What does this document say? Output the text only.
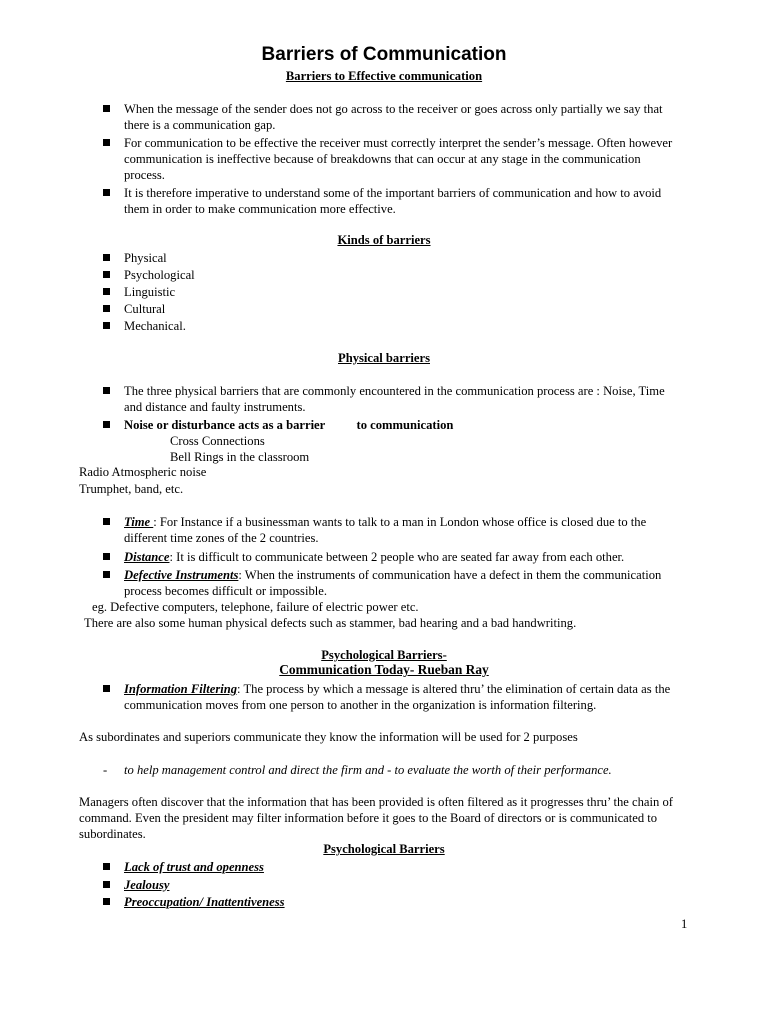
Barriers of Communication
Barriers to Effective communication
When the message of the sender does not go across to the receiver or goes across only partially we say that there is a communication gap.
For communication to be effective the receiver must correctly interpret the sender’s message. Often however communication is ineffective because of breakdowns that can occur at any stage in the communication process.
It is therefore imperative to understand some of the important barriers of communication and how to avoid them in order to make communication more effective.
Kinds of barriers
Physical
Psychological
Linguistic
Cultural
Mechanical.
Physical barriers
The three physical barriers that are commonly encountered in the communication process are : Noise, Time and distance and faulty instruments.
Noise or disturbance acts as a barrier          to communication
Cross Connections
Bell Rings in the classroom
Radio Atmospheric noise
Trumphet, band, etc.
Time : For Instance if a businessman wants to talk to a man in London whose office is closed due to the different time zones of the 2 countries.
Distance: It is difficult to communicate between 2 people who are seated far away from each other.
Defective Instruments: When the instruments of communication have a defect in them the communication process becomes difficult or impossible.
eg. Defective computers, telephone, failure of electric power etc.
There are also some human physical defects such as stammer, bad hearing and a bad handwriting.
Psychological Barriers-
Communication Today- Rueban Ray
Information Filtering: The process by which a message is altered thru’ the elimination of certain data as the communication moves from one person to another in the organization is information filtering.
As subordinates and superiors communicate they know the information will be used for 2 purposes
- to help management control and direct the firm and - to evaluate the worth of their performance.
Managers often discover that the information that has been provided is often filtered as it progresses thru’ the chain of command. Even the president may filter information before it goes to the Board of directors or is communicated to subordinates.
Psychological Barriers
Lack of trust and openness
Jealousy
Preoccupation/ Inattentiveness
1
